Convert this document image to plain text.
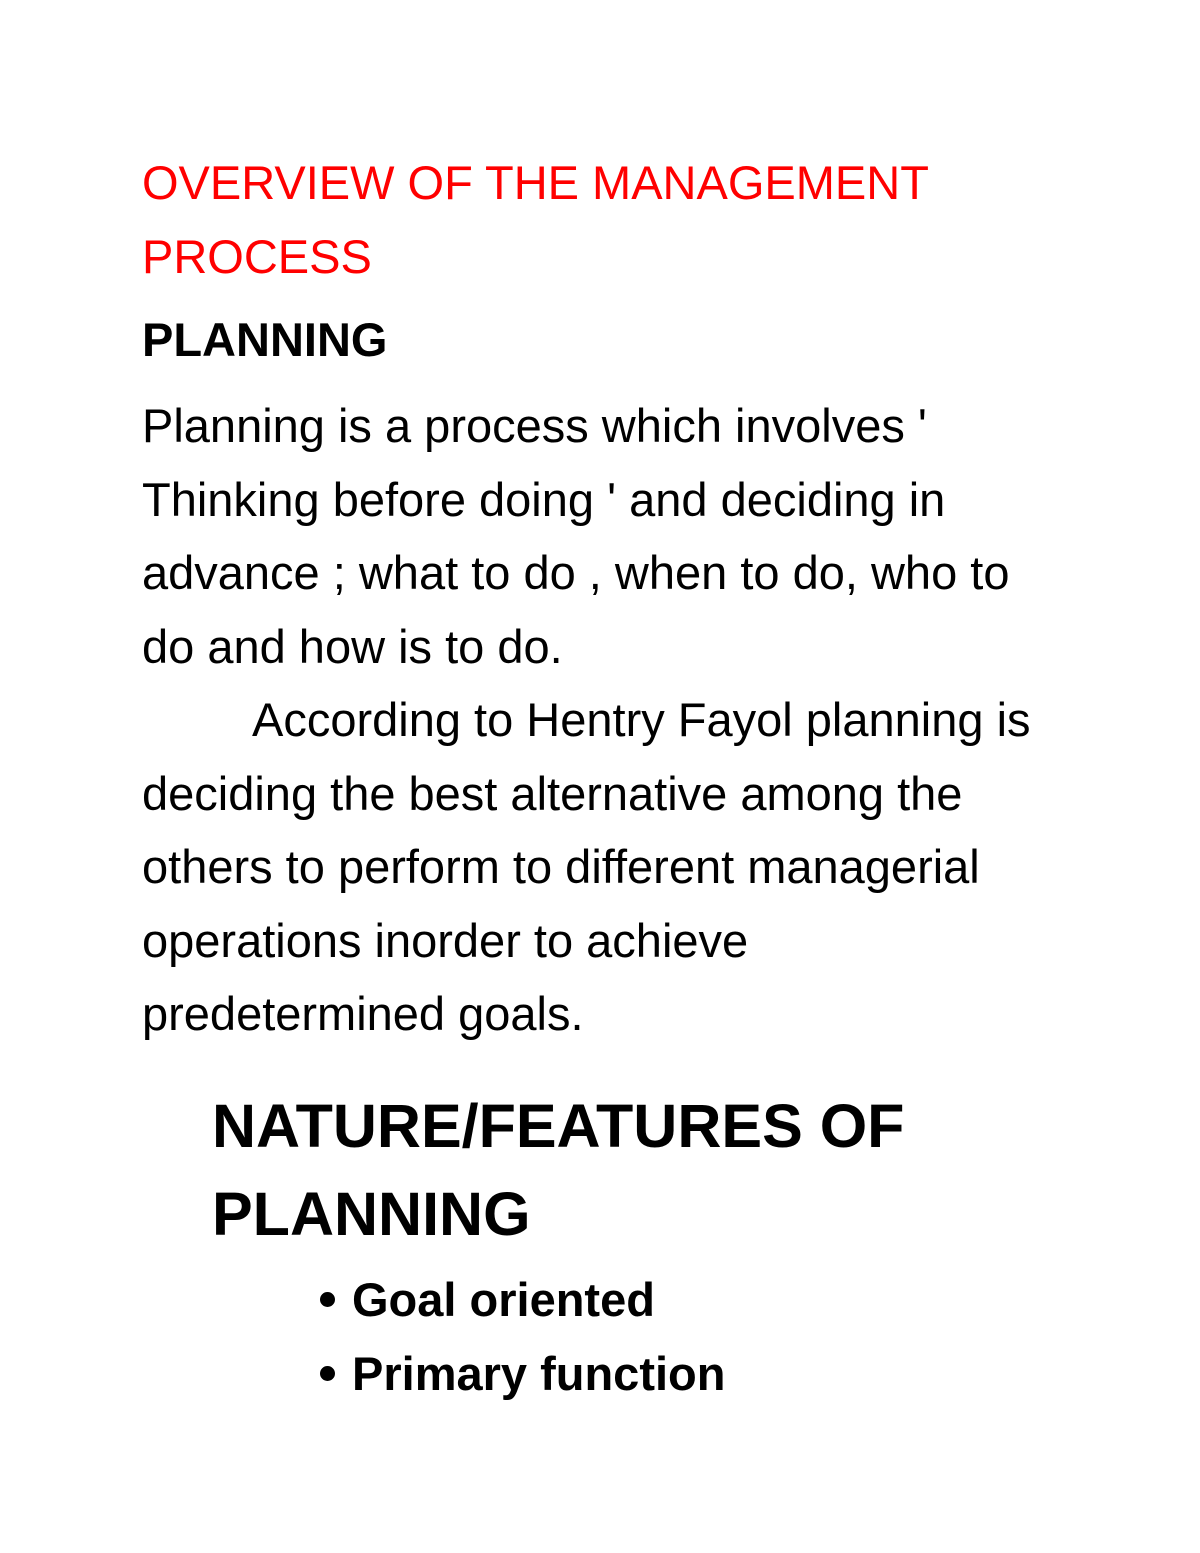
OVERVIEW OF THE MANAGEMENT PROCESS
PLANNING

Planning is a process which involves ' Thinking before doing ' and deciding in advance ; what to do , when to do, who to do and how is to do.

According to Hentry Fayol planning is deciding the best alternative among the others to perform to different managerial operations inorder to achieve predetermined goals.

NATURE/FEATURES OF PLANNING
Goal oriented
Primary function
